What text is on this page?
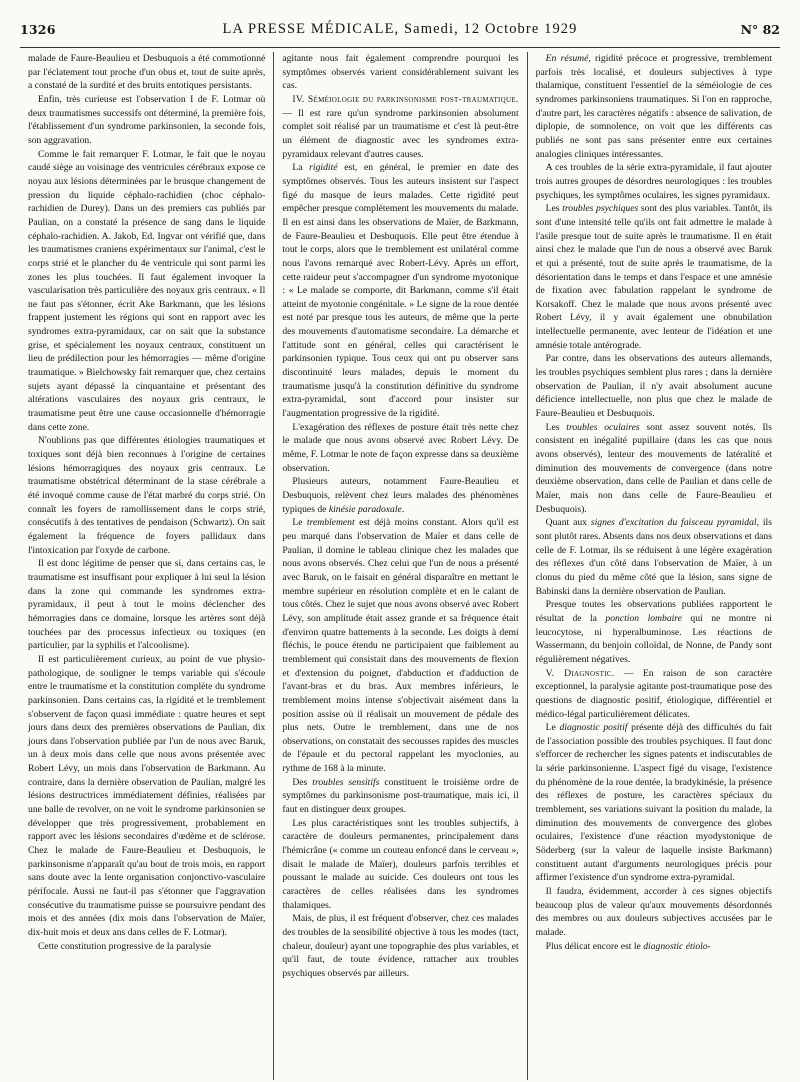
1326	LA PRESSE MÉDICALE, Samedi, 12 Octobre 1929	N° 82

malade de Faure-Beaulieu et Desbuquois a été commotionné par l'éclatement tout proche d'un obus et, tout de suite après, a constaté de la surdité et des bruits entotiques persistants.

Enfin, très curieuse est l'observation I de F. Lotmar où deux traumatismes successifs ont déterminé, la première fois, l'établissement d'un syndrome parkinsonien, la seconde fois, son aggravation.

Comme le fait remarquer F. Lotmar, le fait que le noyau caudé siège au voisinage des ventricules cérébraux expose ce noyau aux lésions déterminées par le brusque changement de pression du liquide céphalo-rachidien (choc céphalo-rachidien de Durey). Dans un des premiers cas publiés par Paulian, on a constaté la présence de sang dans le liquide céphalo-rachidien. A. Jakob, Ed. Ingvar ont vérifié que, dans les traumatismes craniens expérimentaux sur l'animal, c'est le corps strié et le plancher du 4e ventricule qui sont parmi les zones les plus touchées. Il faut également invoquer la vascularisation très particulière des noyaux gris centraux. « Il ne faut pas s'étonner, écrit Ake Barkmann, que les lésions frappent justement les régions qui sont en rapport avec les syndromes extra-pyramidaux, car on sait que la substance grise, et spécialement les noyaux centraux, constituent un lieu de prédilection pour les hémorragies — même d'origine traumatique. » Bielchowsky fait remarquer que, chez certains sujets ayant dépassé la cinquantaine et présentant des altérations vasculaires des noyaux gris centraux, le traumatisme peut être une cause occasionnelle d'hémorragie dans cette zone.

N'oublions pas que différentes étiologies traumatiques et toxiques sont déjà bien reconnues à l'origine de certaines lésions hémorragiques des noyaux gris centraux. Le traumatisme obstétrical déterminant de la stase cérébrale a été invoqué comme cause de l'état marbré du corps strié. On connaît les foyers de ramollissement dans le corps strié, consécutifs à des tentatives de pendaison (Schwartz). On sait également la fréquence de foyers pallidaux dans l'intoxication par l'oxyde de carbone.

Il est donc légitime de penser que si, dans certains cas, le traumatisme est insuffisant pour expliquer à lui seul la lésion dans la zone qui commande les syndromes extra-pyramidaux, il peut à tout le moins déclencher des hémorragies dans ce domaine, lorsque les artères sont déjà touchées par des processus infectieux ou toxiques (en particulier, par la syphilis et l'alcoolisme).

Il est particulièrement curieux, au point de vue physio-pathologique, de souligner le temps variable qui s'écoule entre le traumatisme et la constitution complète du syndrome parkinsonien. Dans certains cas, la rigidité et le tremblement s'observent de façon quasi immédiate : quatre heures et sept jours dans deux des premières observations de Paulian, dix jours dans l'observation publiée par l'un de nous avec Baruk, un à deux mois dans celle que nous avons présentée avec Robert Lévy, un mois dans l'observation de Barkmann. Au contraire, dans la dernière observation de Paulian, malgré les lésions destructrices immédiatement définies, réalisées par une balle de revolver, on ne voit le syndrome parkinsonien se développer que très progressivement, probablement en rapport avec les lésions secondaires d'œdème et de sclérose. Chez le malade de Faure-Beaulieu et Desbuquois, le parkinsonisme n'apparaît qu'au bout de trois mois, en rapport sans doute avec la lente organisation conjonctivo-vasculaire périfocale. Aussi ne faut-il pas s'étonner que l'aggravation consécutive du traumatisme puisse se poursuivre pendant des mois et des années (dix mois dans l'observation de Maïer, dix-huit mois et deux ans dans celles de F. Lotmar).

Cette constitution progressive de la paralysie

agitante nous fait également comprendre pourquoi les symptômes observés varient considérablement suivant les cas.

IV. Séméiologie du parkinsonisme post-traumatique. — Il est rare qu'un syndrome parkinsonien absolument complet soit réalisé par un traumatisme et c'est là peut-être un élément de diagnostic avec les syndromes extra-pyramidaux relevant d'autres causes.

La rigidité est, en général, le premier en date des symptômes observés. Tous les auteurs insistent sur l'aspect figé du masque de leurs malades. Cette rigidité peut empêcher presque complètement les mouvements du malade. Il en est ainsi dans les observations de Maïer, de Barkmann, de Faure-Beaulieu et Desbuquois. Elle peut être étendue à tout le corps, alors que le tremblement est unilatéral comme nous l'avons remarqué avec Robert-Lévy. Après un effort, cette raideur peut s'accompagner d'un syndrome myotonique : « Le malade se comporte, dit Barkmann, comme s'il était atteint de myotonie congénitale. » Le signe de la roue dentée est noté par presque tous les auteurs, de même que la perte des mouvements d'automatisme secondaire. La démarche et l'attitude sont en général, celles qui caractérisent le parkinsonien typique. Tous ceux qui ont pu observer sans discontinuité leurs malades, depuis le moment du traumatisme jusqu'à la constitution définitive du syndrome extra-pyramidal, sont d'accord pour insister sur l'augmentation progressive de la rigidité.

L'exagération des réflexes de posture était très nette chez le malade que nous avons observé avec Robert Lévy. De même, F. Lotmar le note de façon expresse dans sa deuxième observation.

Plusieurs auteurs, notamment Faure-Beaulieu et Desbuquois, relèvent chez leurs malades des phénomènes typiques de kinésie paradoxale.

Le tremblement est déjà moins constant. Alors qu'il est peu marqué dans l'observation de Maïer et dans celle de Paulian, il domine le tableau clinique chez les malades que nous avons observés. Chez celui que l'un de nous a présenté avec Baruk, on le faisait en général disparaître en mettant le membre supérieur en résolution complète et en le calant de tous côtés. Chez le sujet que nous avons observé avec Robert Lévy, son amplitude était assez grande et sa fréquence était d'environ quatre battements à la seconde. Les doigts à demi fléchis, le pouce étendu ne participaient que faiblement au tremblement qui consistait dans des mouvements de flexion et d'extension du poignet, d'abduction et d'adduction de l'avant-bras et du bras. Aux membres inférieurs, le tremblement moins intense s'objectivait aisément dans la position assise où il réalisait un mouvement de pédale des plus nets. Outre le tremblement, dans une de nos observations, on constatait des secousses rapides des muscles de l'épaule et du pectoral rappelant les myoclonies, au rythme de 168 à la minute.

Des troubles sensitifs constituent le troisième ordre de symptômes du parkinsonisme post-traumatique, mais ici, il faut en distinguer deux groupes.

Les plus caractéristiques sont les troubles subjectifs, à caractère de douleurs permanentes, principalement dans l'hémicrâne (« comme un couteau enfoncé dans le cerveau », disait le malade de Maïer), douleurs parfois terribles et poussant le malade au suicide. Ces douleurs ont tous les caractères de celles réalisées dans les syndromes thalamiques.

Mais, de plus, il est fréquent d'observer, chez ces malades des troubles de la sensibilité objective à tous les modes (tact, chaleur, douleur) ayant une topographie des plus variables, et qu'il faut, de toute évidence, rattacher aux troubles psychiques observés par ailleurs.

En résumé, rigidité précoce et progressive, tremblement parfois très localisé, et douleurs subjectives à type thalamique, constituent l'essentiel de la séméiologie de ces syndromes parkinsoniens traumatiques. Si l'on en rapproche, d'autre part, les caractères négatifs : absence de salivation, de diplopie, de somnolence, on voit que les différents cas publiés ne sont pas sans présenter entre eux certaines analogies cliniques intéressantes.

A ces troubles de la série extra-pyramidale, il faut ajouter trois autres groupes de désordres neurologiques : les troubles psychiques, les symptômes oculaires, les signes pyramidaux.

Les troubles psychiques sont des plus variables. Tantôt, ils sont d'une intensité telle qu'ils ont fait admettre le malade à l'asile presque tout de suite après le traumatisme. Il en était ainsi chez le malade que l'un de nous a observé avec Baruk et qui a présenté, tout de suite après le traumatisme, de la désorientation dans le temps et dans l'espace et une amnésie de fixation avec fabulation rappelant le syndrome de Korsakoff. Chez le malade que nous avons présenté avec Robert Lévy, il y avait également une obnubilation intellectuelle permanente, avec lenteur de l'idéation et une amnésie totale antérograde.

Par contre, dans les observations des auteurs allemands, les troubles psychiques semblent plus rares ; dans la dernière observation de Paulian, il n'y avait absolument aucune déficience intellectuelle, non plus que chez le malade de Faure-Beaulieu et Desbuquois.

Les troubles oculaires sont assez souvent notés. Ils consistent en inégalité pupillaire (dans les cas que nous avons observés), lenteur des mouvements de latéralité et diminution des mouvements de convergence (dans notre deuxième observation, dans celle de Paulian et dans celle de Maïer, mais non dans celle de Faure-Beaulieu et Desbuquois).

Quant aux signes d'excitation du faisceau pyramidal, ils sont plutôt rares. Absents dans nos deux observations et dans celle de F. Lotmar, ils se réduisent à une légère exagération des réflexes d'un côté dans l'observation de Maïer, à un clonus du pied du même côté que la lésion, sans signe de Babinski dans la dernière observation de Paulian.

Presque toutes les observations publiées rapportent le résultat de la ponction lombaire qui ne montre ni leucocytose, ni hyperalbuminose. Les réactions de Wassermann, du benjoin colloïdal, de Nonne, de Pandy sont régulièrement négatives.

V. Diagnostic. — En raison de son caractère exceptionnel, la paralysie agitante post-traumatique pose des questions de diagnostic positif, étiologique, différentiel et médico-légal particulièrement délicates.

Le diagnostic positif présente déjà des difficultés du fait de l'association possible des troubles psychiques. Il faut donc s'efforcer de rechercher les signes patents et indiscutables de la série parkinsonienne. L'aspect figé du visage, l'existence du phénomène de la roue dentée, la bradykinésie, la présence des réflexes de posture, les caractères spéciaux du tremblement, ses variations suivant la position du malade, la diminution des mouvements de convergence des globes oculaires, l'existence d'une réaction myodystonique de Söderberg (sur la valeur de laquelle insiste Barkmann) constituent autant d'arguments neurologiques précis pour affirmer l'existence d'un syndrome extra-pyramidal.

Il faudra, évidemment, accorder à ces signes objectifs beaucoup plus de valeur qu'aux mouvements désordonnés des membres ou aux douleurs subjectives accusées par le malade.

Plus délicat encore est le diagnostic étiolo-
